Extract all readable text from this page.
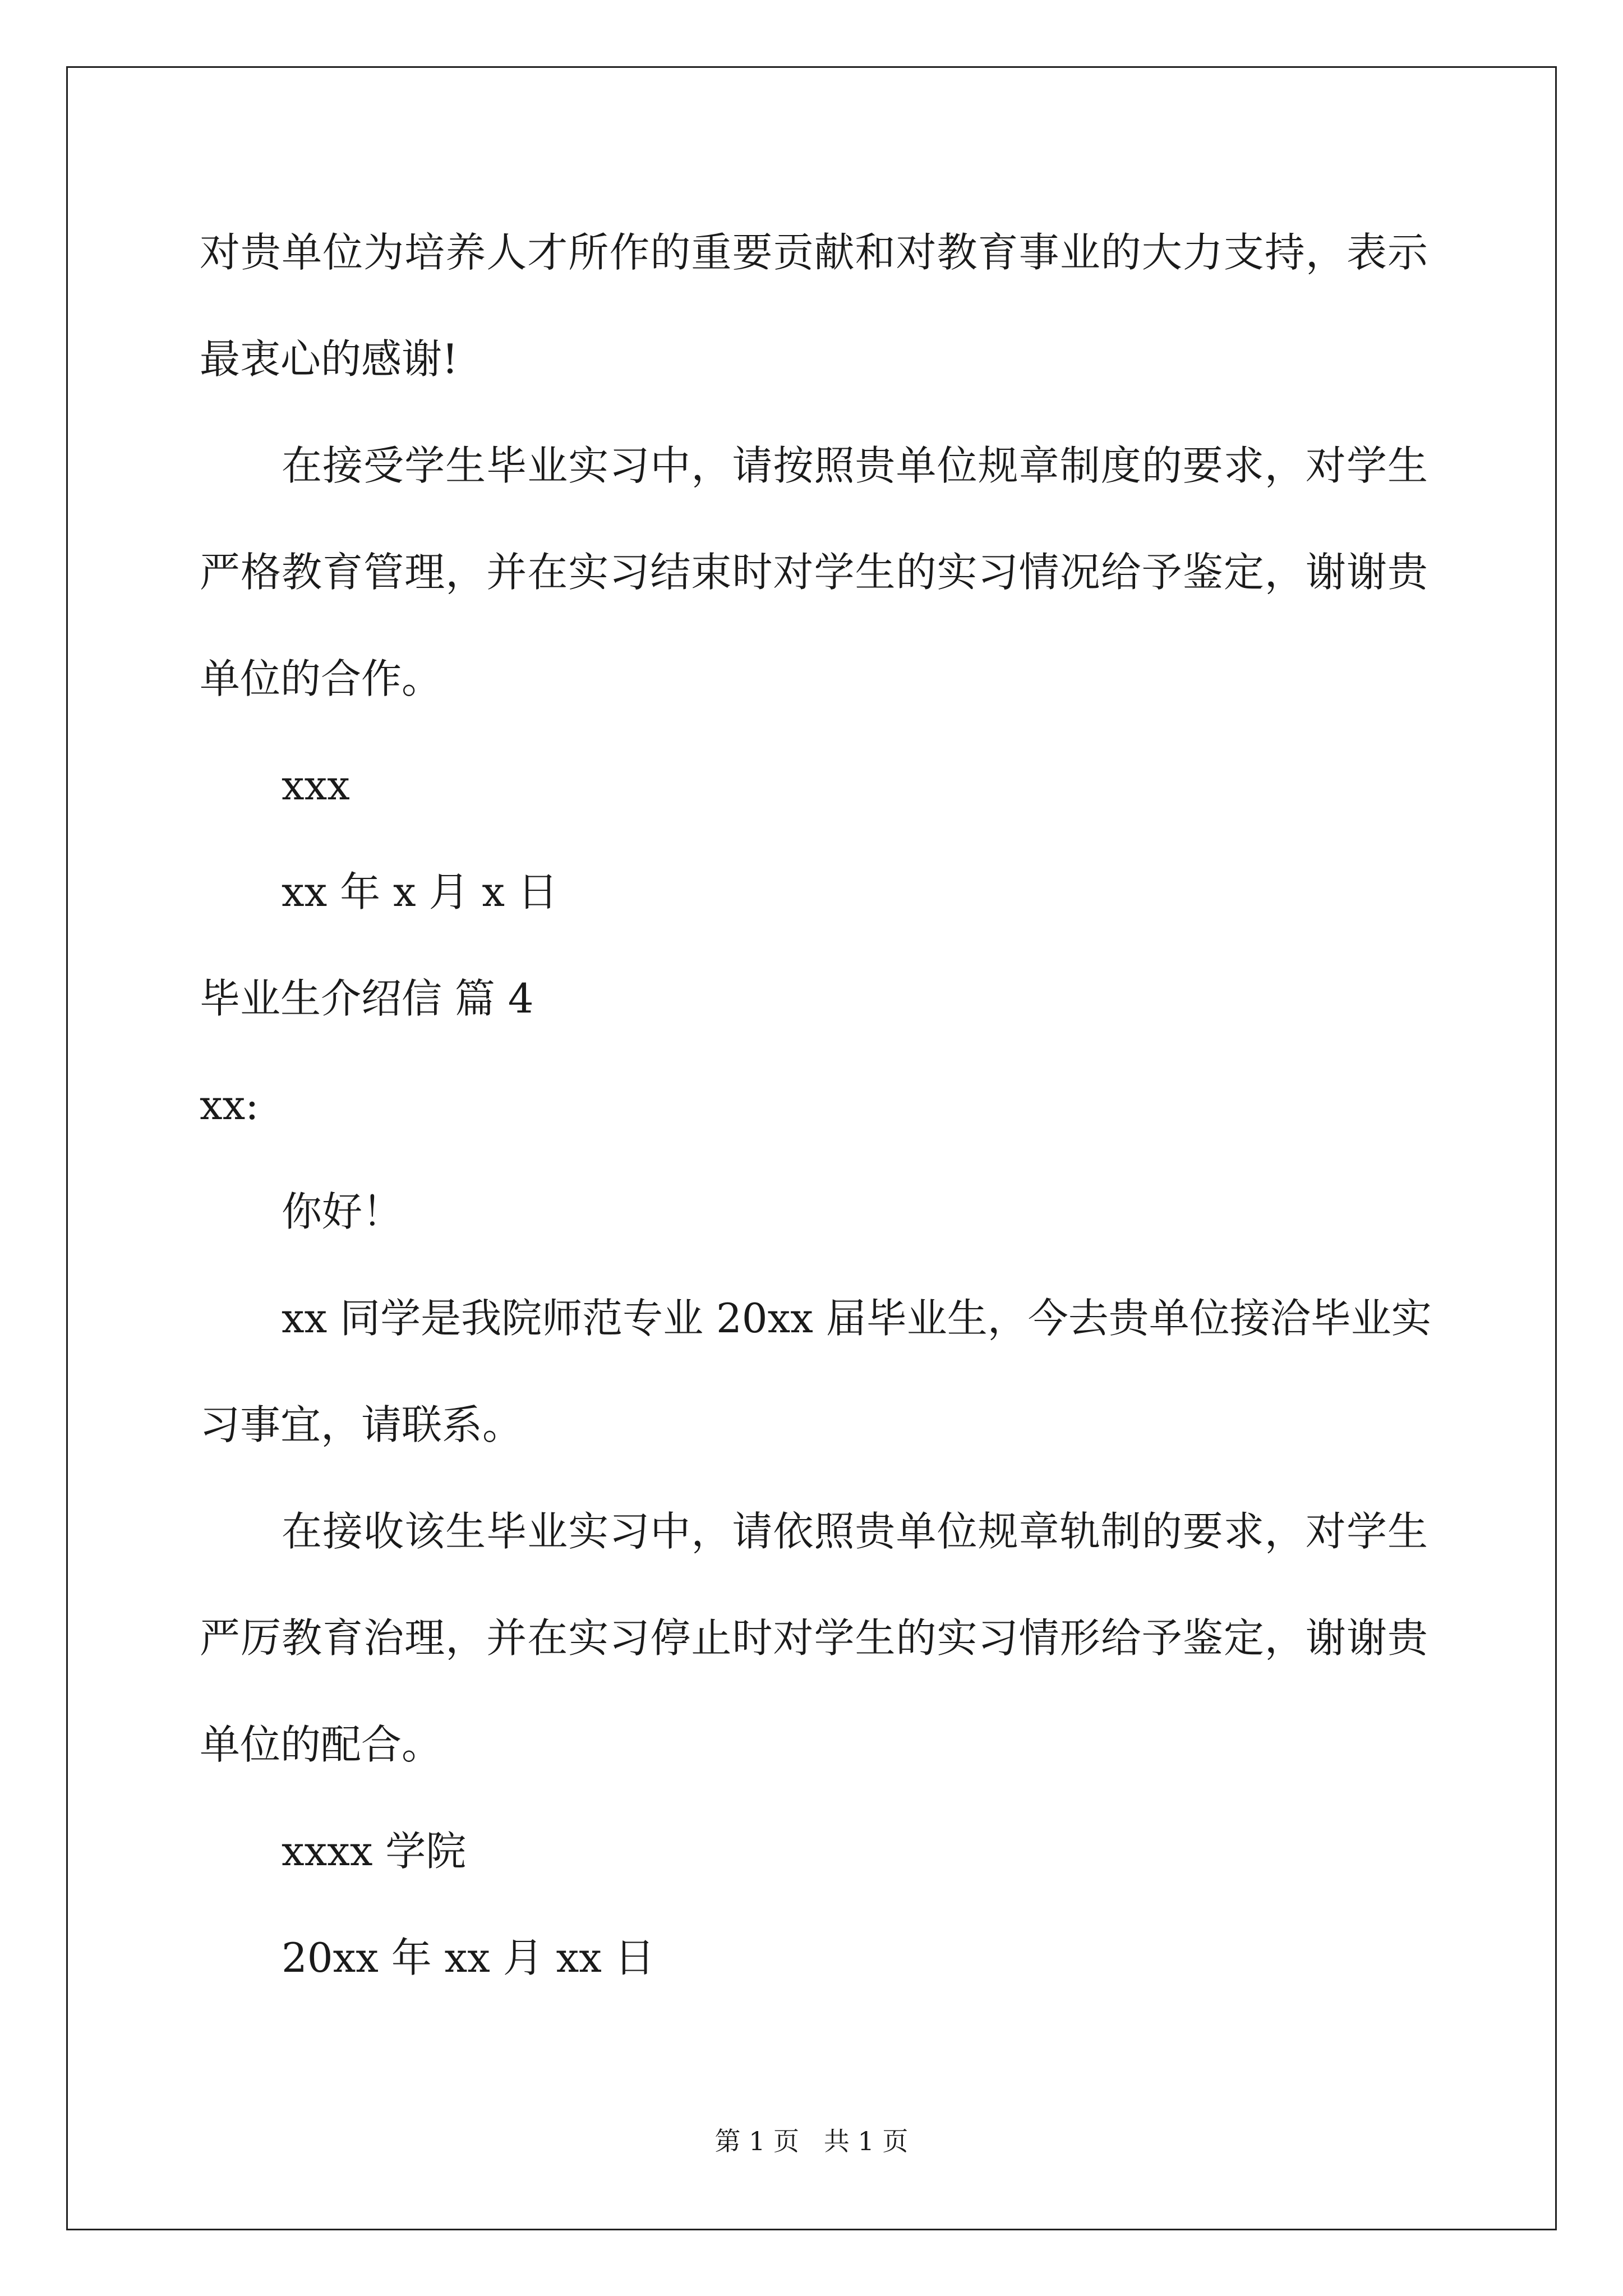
对贵单位为培养人才所作的重要贡献和对教育事业的大力支持，表示
最衷心的感谢!
在接受学生毕业实习中，请按照贵单位规章制度的要求，对学生
严格教育管理，并在实习结束时对学生的实习情况给予鉴定，谢谢贵
单位的合作。
xxx
xx 年 x 月 x 日
毕业生介绍信 篇 4
xx:
你好！
xx 同学是我院师范专业 20xx 届毕业生，今去贵单位接洽毕业实
习事宜，请联系。
在接收该生毕业实习中，请依照贵单位规章轨制的要求，对学生
严厉教育治理，并在实习停止时对学生的实习情形给予鉴定，谢谢贵
单位的配合。
xxxx 学院
20xx 年 xx 月 xx 日
第 1 页   共 1 页
